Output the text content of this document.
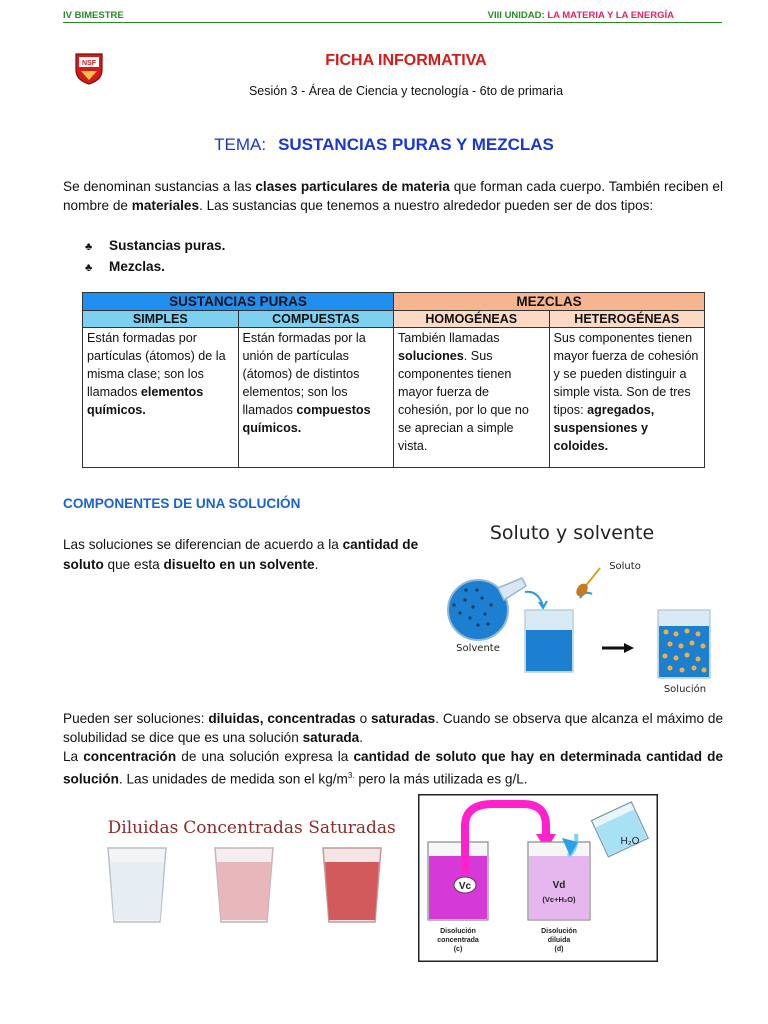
IV BIMESTRE	VIII UNIDAD: LA MATERIA Y LA ENERGÍA
NSF	FICHA INFORMATIVA
Sesión 3 - Área de Ciencia y tecnología - 6to de primaria
TEMA: SUSTANCIAS PURAS Y MEZCLAS
Se denominan sustancias a las clases particulares de materia que forman cada cuerpo. También reciben el nombre de materiales. Las sustancias que tenemos a nuestro alrededor pueden ser de dos tipos:
♣ Sustancias puras.
♣ Mezclas.
SUSTANCIAS PURAS		MEZCLAS	
SIMPLES	COMPUESTAS	HOMOGÉNEAS	HETEROGÉNEAS
Están formadas por partículas (átomos) de la misma clase; son los llamados elementos químicos.	Están formadas por la unión de partículas (átomos) de distintos elementos; son los llamados compuestos químicos.	También llamadas soluciones. Sus componentes tienen mayor fuerza de cohesión, por lo que no se aprecian a simple vista.	Sus componentes tienen mayor fuerza de cohesión y se pueden distinguir a simple vista. Son de tres tipos: agregados, suspensiones y coloides.
COMPONENTES DE UNA SOLUCIÓN
Las soluciones se diferencian de acuerdo a la cantidad de soluto que esta disuelto en un solvente.
Soluto y solvente
Solvente
Soluto
Solución
Pueden ser soluciones: diluidas, concentradas o saturadas. Cuando se observa que alcanza el máximo de solubilidad se dice que es una solución saturada.
La concentración de una solución expresa la cantidad de soluto que hay en determinada cantidad de solución. Las unidades de medida son el $kg/m^{3.}$ pero la más utilizada es g/L.
Diluidas Concentradas Saturadas
Vc	Vd
(Vc+H₂O)
H₂O
Disolución
concentrada
(c)
Disolución
diluida
(d)
